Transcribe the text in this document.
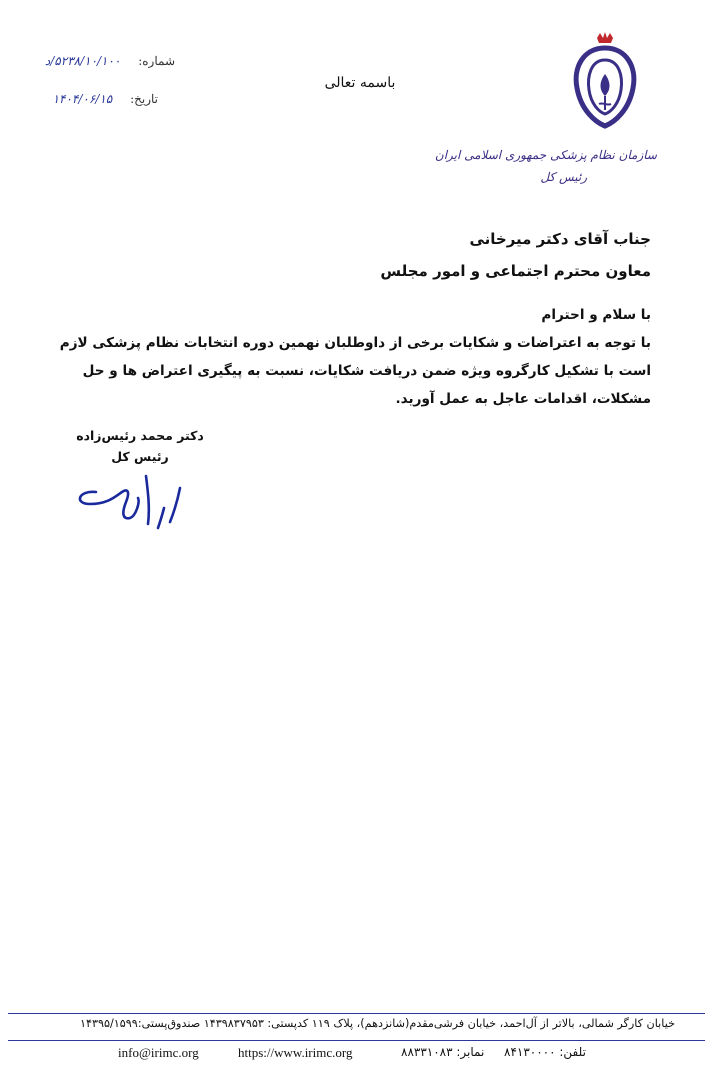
سازمان نظام پزشکی جمهوری اسلامی ایران
رئیس کل
باسمه تعالی
شماره: ۵۲۳۸/۱۰/۱۰۰/د
تاریخ: ۱۴۰۴/۰۶/۱۵
جناب آقای دکتر میرخانی
معاون محترم اجتماعی و امور مجلس

با سلام و احترام

با توجه به اعتراضات و شکایات برخی از داوطلبان نهمین دوره انتخابات نظام پزشکی لازم است با تشکیل کارگروه ویژه ضمن دریافت شکایات، نسبت به پیگیری اعتراض ها و حل مشکلات، اقدامات عاجل به عمل آورید.

دکتر محمد رئیس‌زاده
رئیس کل
خیابان کارگر شمالی، بالاتر از آل‌احمد، خیابان فرشی‌مقدم(شانزدهم)، پلاک ۱۱۹ کدپستی: ۱۴۳۹۸۳۷۹۵۳ صندوق‌پستی:۱۴۳۹۵/۱۵۹۹
info@irimc.org	https://www.irimc.org	نمابر: ۸۸۳۳۱۰۸۳ تلفن: ۸۴۱۳۰۰۰۰
